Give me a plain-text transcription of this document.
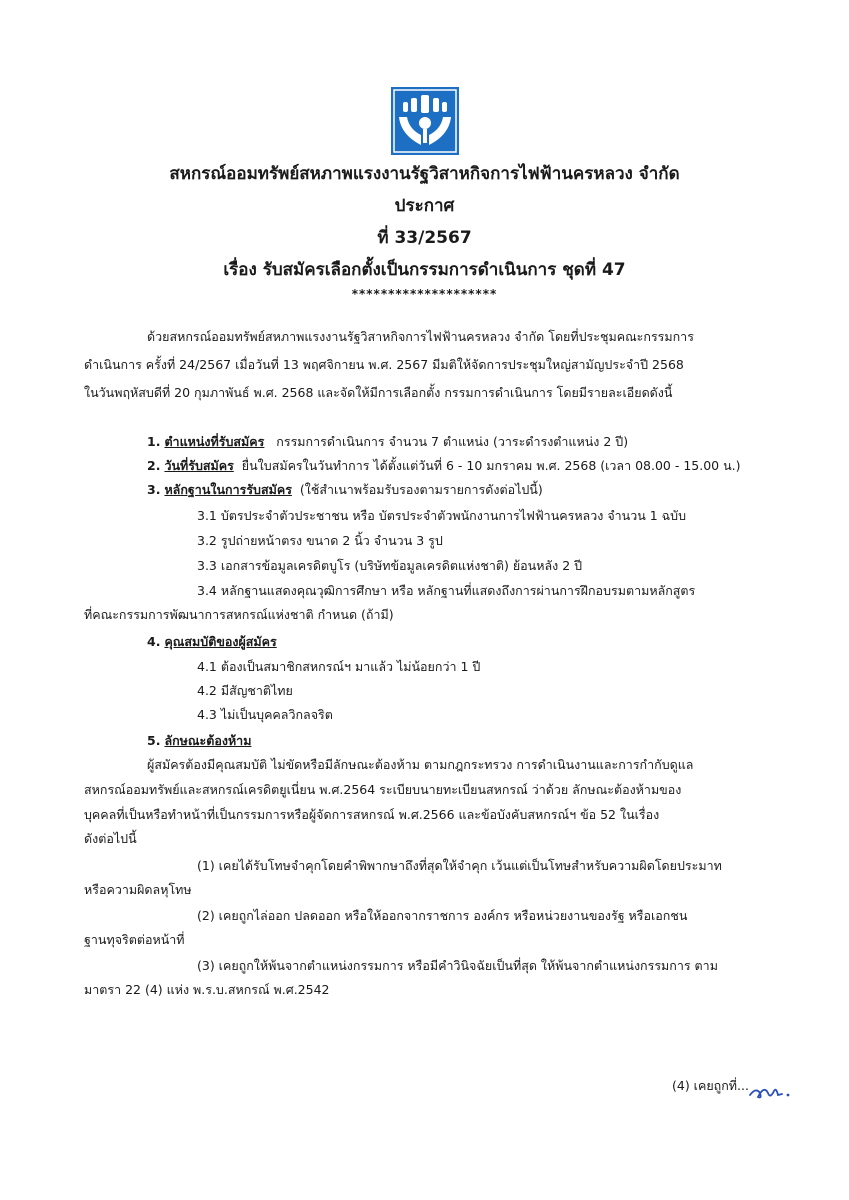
สหกรณ์ออมทรัพย์สหภาพแรงงานรัฐวิสาหกิจการไฟฟ้านครหลวง จำกัด
ประกาศ
ที่ 33/2567
เรื่อง รับสมัครเลือกตั้งเป็นกรรมการดำเนินการ ชุดที่ 47
********************
ด้วยสหกรณ์ออมทรัพย์สหภาพแรงงานรัฐวิสาหกิจการไฟฟ้านครหลวง จำกัด โดยที่ประชุมคณะกรรมการ
ดำเนินการ ครั้งที่ 24/2567 เมื่อวันที่ 13 พฤศจิกายน พ.ศ. 2567 มีมติให้จัดการประชุมใหญ่สามัญประจำปี 2568
ในวันพฤหัสบดีที่ 20 กุมภาพันธ์ พ.ศ. 2568 และจัดให้มีการเลือกตั้ง กรรมการดำเนินการ โดยมีรายละเอียดดังนี้
1. ตำแหน่งที่รับสมัคร กรรมการดำเนินการ จำนวน 7 ตำแหน่ง (วาระดำรงตำแหน่ง 2 ปี)
2. วันที่รับสมัคร ยื่นใบสมัครในวันทำการ ได้ตั้งแต่วันที่ 6 - 10 มกราคม พ.ศ. 2568 (เวลา 08.00 - 15.00 น.)
3. หลักฐานในการรับสมัคร (ใช้สำเนาพร้อมรับรองตามรายการดังต่อไปนี้)
3.1 บัตรประจำตัวประชาชน หรือ บัตรประจำตัวพนักงานการไฟฟ้านครหลวง จำนวน 1 ฉบับ
3.2 รูปถ่ายหน้าตรง ขนาด 2 นิ้ว จำนวน 3 รูป
3.3 เอกสารข้อมูลเครดิตบูโร (บริษัทข้อมูลเครดิตแห่งชาติ) ย้อนหลัง 2 ปี
3.4 หลักฐานแสดงคุณวุฒิการศึกษา หรือ หลักฐานที่แสดงถึงการผ่านการฝึกอบรมตามหลักสูตร
ที่คณะกรรมการพัฒนาการสหกรณ์แห่งชาติ กำหนด (ถ้ามี)
4. คุณสมบัติของผู้สมัคร
4.1 ต้องเป็นสมาชิกสหกรณ์ฯ มาแล้ว ไม่น้อยกว่า 1 ปี
4.2 มีสัญชาติไทย
4.3 ไม่เป็นบุคคลวิกลจริต
5. ลักษณะต้องห้าม
ผู้สมัครต้องมีคุณสมบัติ ไม่ขัดหรือมีลักษณะต้องห้าม ตามกฎกระทรวง การดำเนินงานและการกำกับดูแล
สหกรณ์ออมทรัพย์และสหกรณ์เครดิตยูเนี่ยน พ.ศ.2564 ระเบียบนายทะเบียนสหกรณ์ ว่าด้วย ลักษณะต้องห้ามของ
บุคคลที่เป็นหรือทำหน้าที่เป็นกรรมการหรือผู้จัดการสหกรณ์ พ.ศ.2566 และข้อบังคับสหกรณ์ฯ ข้อ 52 ในเรื่อง
ดังต่อไปนี้
(1) เคยได้รับโทษจำคุกโดยคำพิพากษาถึงที่สุดให้จำคุก เว้นแต่เป็นโทษสำหรับความผิดโดยประมาท
หรือความผิดลหุโทษ
(2) เคยถูกไล่ออก ปลดออก หรือให้ออกจากราชการ องค์กร หรือหน่วยงานของรัฐ หรือเอกชน
ฐานทุจริตต่อหน้าที่
(3) เคยถูกให้พ้นจากตำแหน่งกรรมการ หรือมีคำวินิจฉัยเป็นที่สุด ให้พ้นจากตำแหน่งกรรมการ ตาม
มาตรา 22 (4) แห่ง พ.ร.บ.สหกรณ์ พ.ศ.2542
(4) เคยถูกที่...
